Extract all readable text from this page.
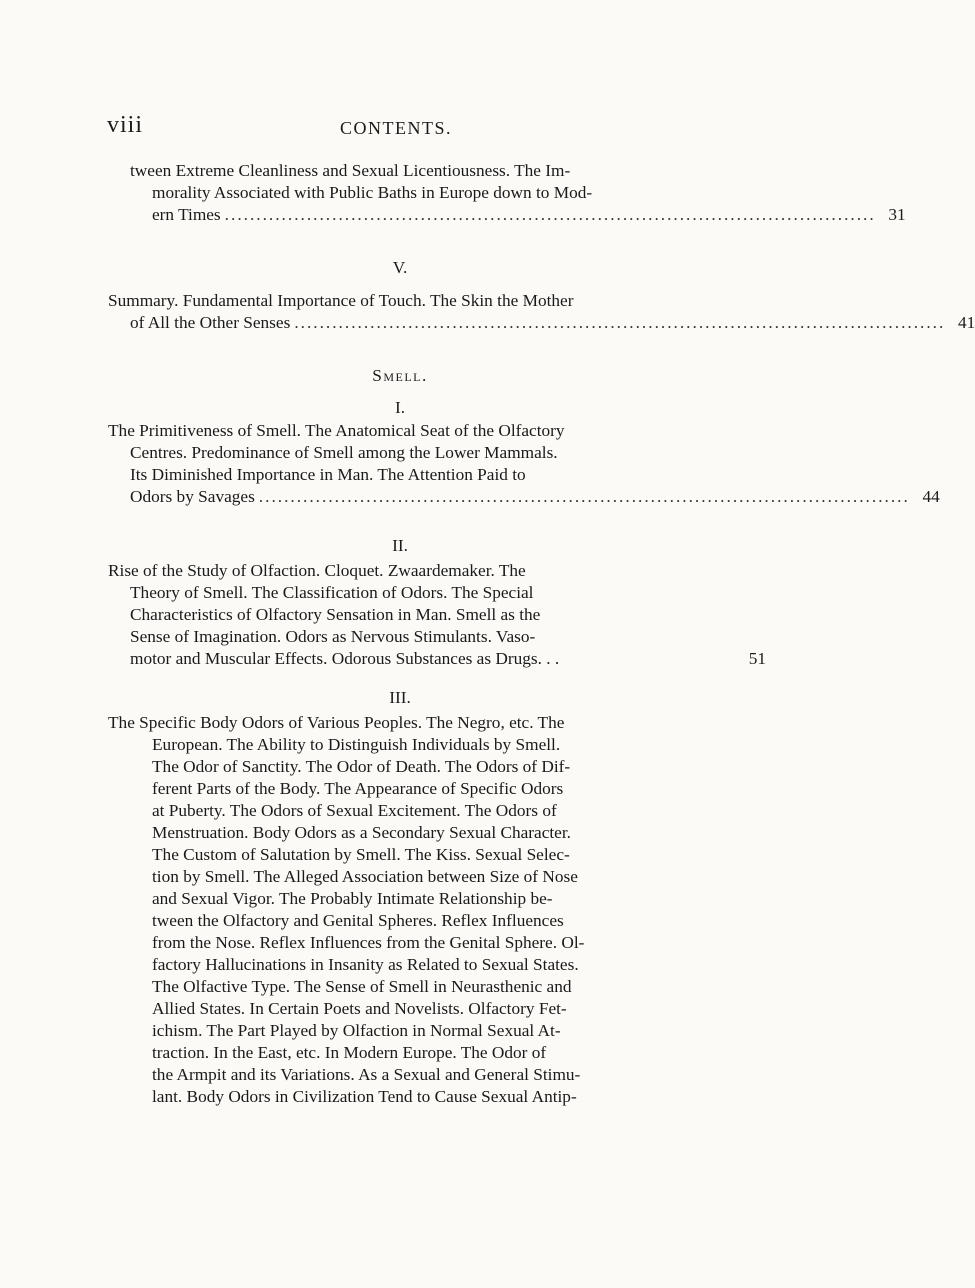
viii	CONTENTS.
tween Extreme Cleanliness and Sexual Licentiousness. The Im-
morality Associated with Public Baths in Europe down to Mod-
ern Times ....................................................................................................... 31
V.
Summary. Fundamental Importance of Touch. The Skin the Mother
of All the Other Senses ....................................................................................................... 41
Smell.
I.
The Primitiveness of Smell. The Anatomical Seat of the Olfactory
Centres. Predominance of Smell among the Lower Mammals.
Its Diminished Importance in Man. The Attention Paid to
Odors by Savages ....................................................................................................... 44
II.
Rise of the Study of Olfaction. Cloquet. Zwaardemaker. The
Theory of Smell. The Classification of Odors. The Special
Characteristics of Olfactory Sensation in Man. Smell as the
Sense of Imagination. Odors as Nervous Stimulants. Vaso-
motor and Muscular Effects. Odorous Substances as Drugs. . .	51
III.
The Specific Body Odors of Various Peoples. The Negro, etc. The
European. The Ability to Distinguish Individuals by Smell.
The Odor of Sanctity. The Odor of Death. The Odors of Dif-
ferent Parts of the Body. The Appearance of Specific Odors
at Puberty. The Odors of Sexual Excitement. The Odors of
Menstruation. Body Odors as a Secondary Sexual Character.
The Custom of Salutation by Smell. The Kiss. Sexual Selec-
tion by Smell. The Alleged Association between Size of Nose
and Sexual Vigor. The Probably Intimate Relationship be-
tween the Olfactory and Genital Spheres. Reflex Influences
from the Nose. Reflex Influences from the Genital Sphere. Ol-
factory Hallucinations in Insanity as Related to Sexual States.
The Olfactive Type. The Sense of Smell in Neurasthenic and
Allied States. In Certain Poets and Novelists. Olfactory Fet-
ichism. The Part Played by Olfaction in Normal Sexual At-
traction. In the East, etc. In Modern Europe. The Odor of
the Armpit and its Variations. As a Sexual and General Stimu-
lant. Body Odors in Civilization Tend to Cause Sexual Antip-
